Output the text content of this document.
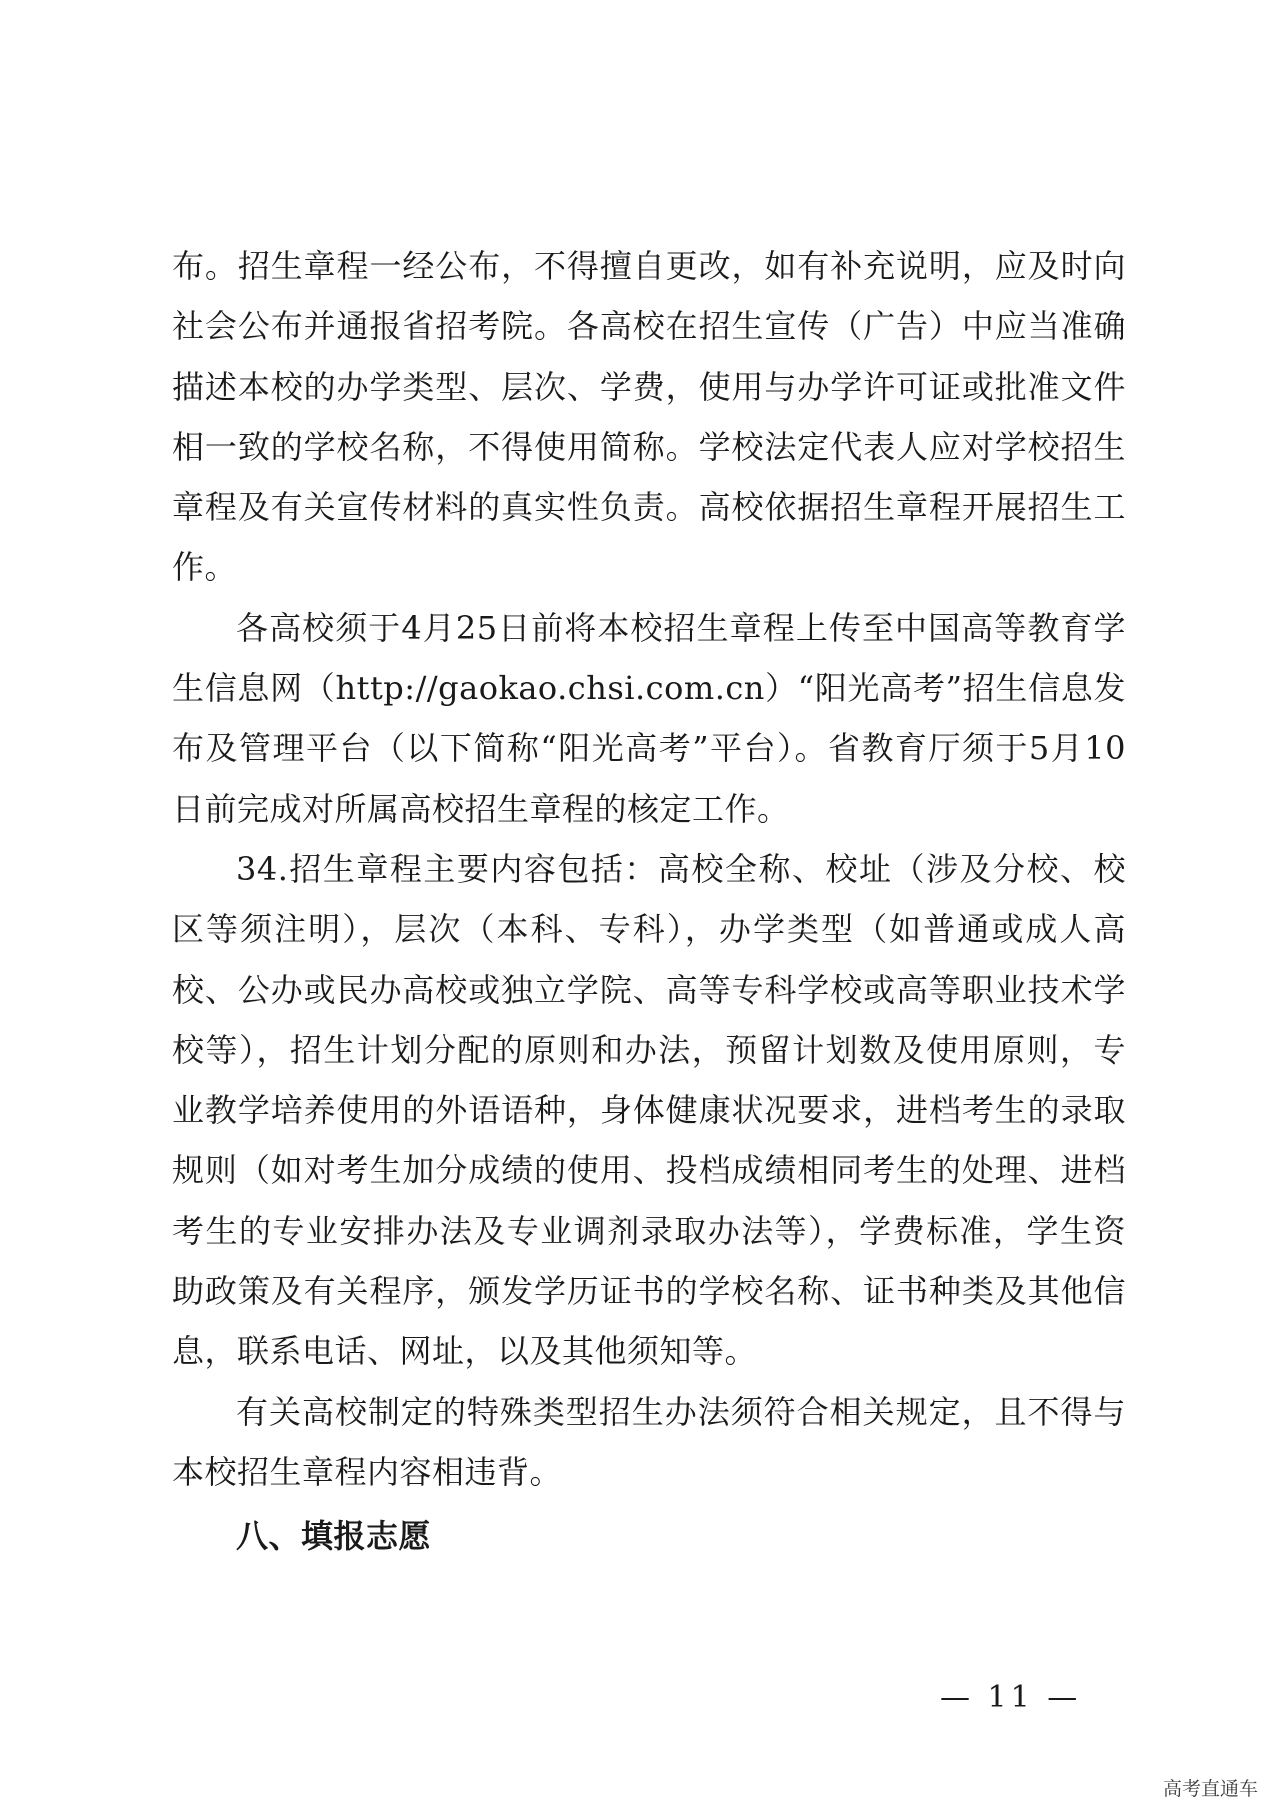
布。招生章程一经公布，不得擅自更改，如有补充说明，应及时向社会公布并通报省招考院。各高校在招生宣传（广告）中应当准确描述本校的办学类型、层次、学费，使用与办学许可证或批准文件相一致的学校名称，不得使用简称。学校法定代表人应对学校招生章程及有关宣传材料的真实性负责。高校依据招生章程开展招生工作。

各高校须于4月25日前将本校招生章程上传至中国高等教育学生信息网（http://gaokao.chsi.com.cn）“阳光高考”招生信息发布及管理平台（以下简称“阳光高考”平台）。省教育厅须于5月10日前完成对所属高校招生章程的核定工作。

34.招生章程主要内容包括：高校全称、校址（涉及分校、校区等须注明），层次（本科、专科），办学类型（如普通或成人高校、公办或民办高校或独立学院、高等专科学校或高等职业技术学校等），招生计划分配的原则和办法，预留计划数及使用原则，专业教学培养使用的外语语种，身体健康状况要求，进档考生的录取规则（如对考生加分成绩的使用、投档成绩相同考生的处理、进档考生的专业安排办法及专业调剂录取办法等），学费标准，学生资助政策及有关程序，颁发学历证书的学校名称、证书种类及其他信息，联系电话、网址，以及其他须知等。

有关高校制定的特殊类型招生办法须符合相关规定，且不得与本校招生章程内容相违背。

八、填报志愿

— 11 —
高考直通车
